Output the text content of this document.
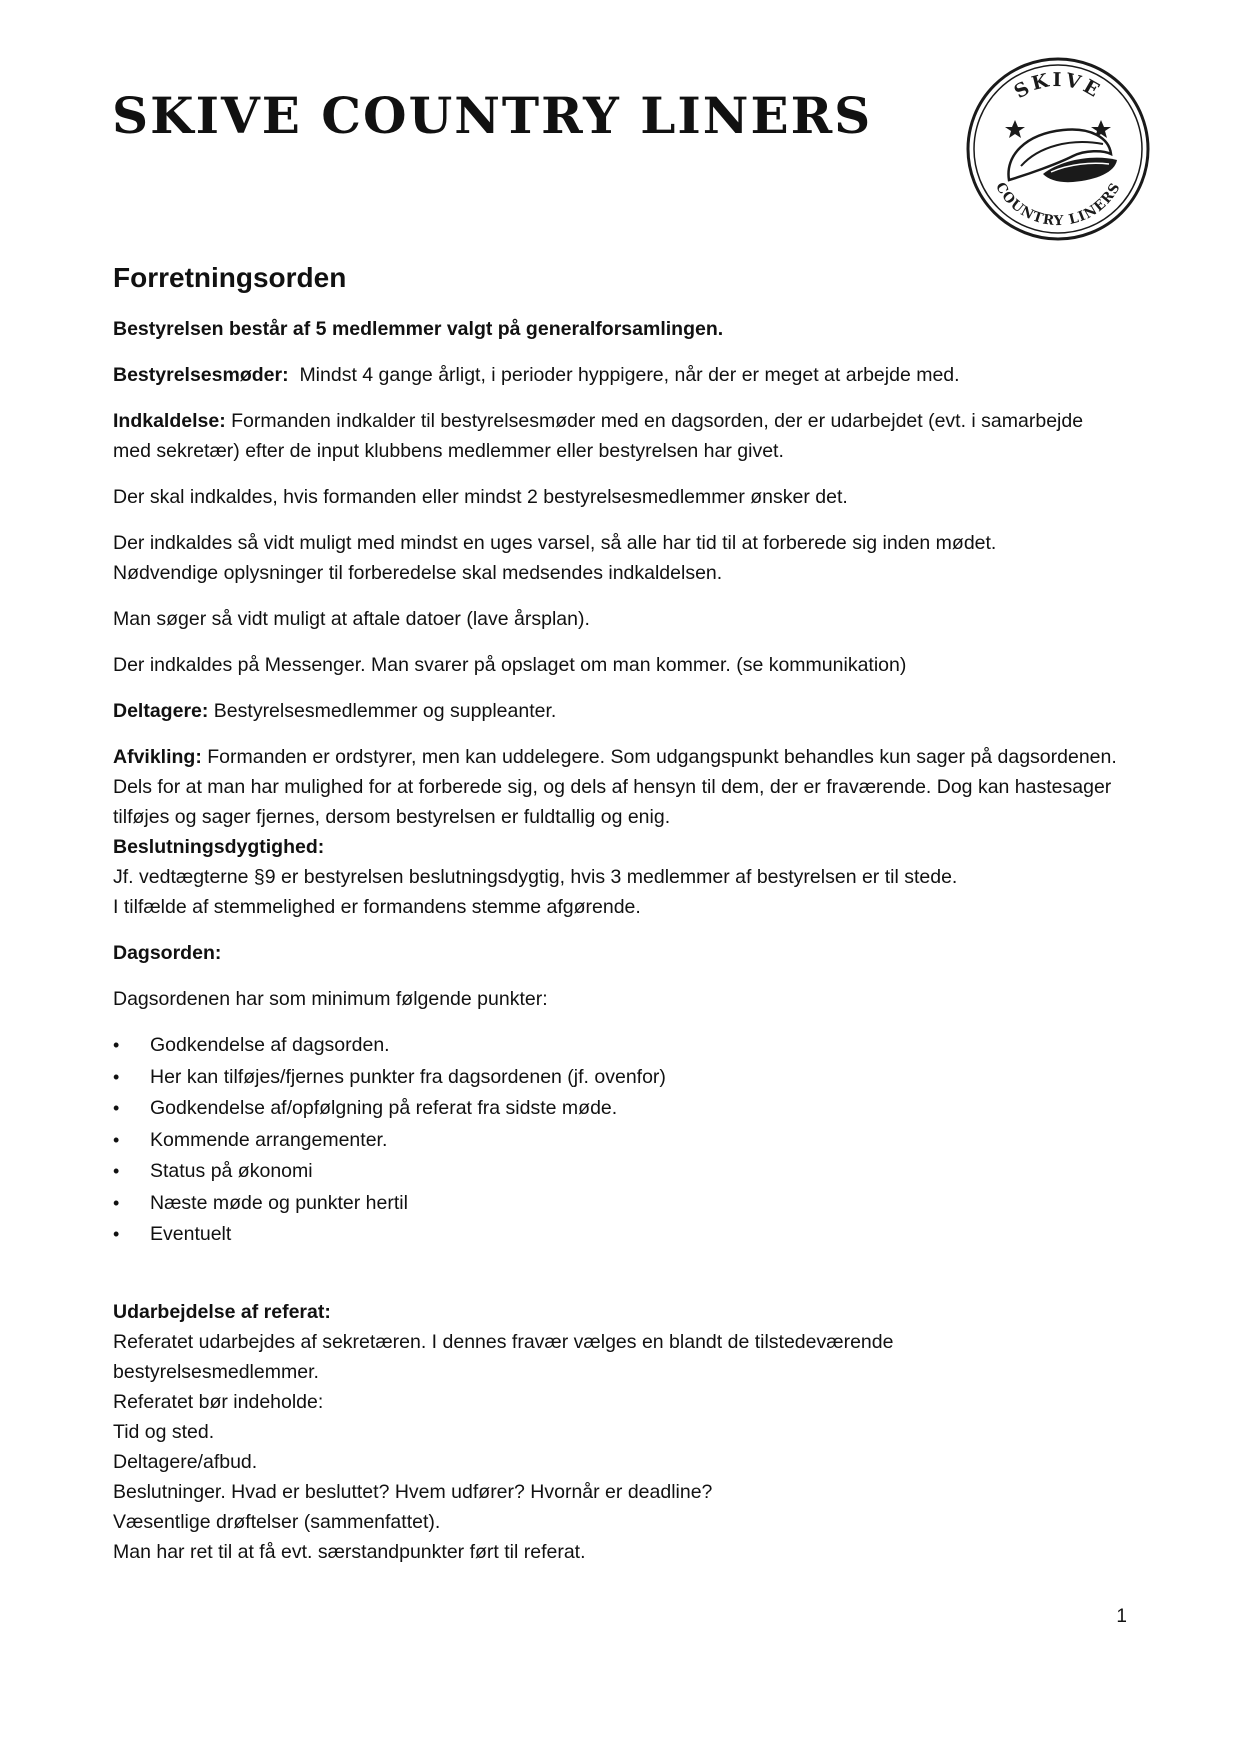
SKIVE COUNTRY LINERS	SKIVE
COUNTRY LINERS
Forretningsorden

Bestyrelsen består af 5 medlemmer valgt på generalforsamlingen.

Bestyrelsesmøder: Mindst 4 gange årligt, i perioder hyppigere, når der er meget at arbejde med.

Indkaldelse: Formanden indkalder til bestyrelsesmøder med en dagsorden, der er udarbejdet (evt. i samarbejde med sekretær) efter de input klubbens medlemmer eller bestyrelsen har givet.

Der skal indkaldes, hvis formanden eller mindst 2 bestyrelsesmedlemmer ønsker det.

Der indkaldes så vidt muligt med mindst en uges varsel, så alle har tid til at forberede sig inden mødet.
Nødvendige oplysninger til forberedelse skal medsendes indkaldelsen.

Man søger så vidt muligt at aftale datoer (lave årsplan).

Der indkaldes på Messenger. Man svarer på opslaget om man kommer. (se kommunikation)

Deltagere: Bestyrelsesmedlemmer og suppleanter.

Afvikling: Formanden er ordstyrer, men kan uddelegere. Som udgangspunkt behandles kun sager på dagsordenen. Dels for at man har mulighed for at forberede sig, og dels af hensyn til dem, der er fraværende. Dog kan hastesager tilføjes og sager fjernes, dersom bestyrelsen er fuldtallig og enig.

Beslutningsdygtighed:
Jf. vedtægterne §9 er bestyrelsen beslutningsdygtig, hvis 3 medlemmer af bestyrelsen er til stede.
I tilfælde af stemmelighed er formandens stemme afgørende.

Dagsorden:

Dagsordenen har som minimum følgende punkter:

• Godkendelse af dagsorden.
• Her kan tilføjes/fjernes punkter fra dagsordenen (jf. ovenfor)
• Godkendelse af/opfølgning på referat fra sidste møde.
• Kommende arrangementer.
• Status på økonomi
• Næste møde og punkter hertil
• Eventuelt
Udarbejdelse af referat:
Referatet udarbejdes af sekretæren. I dennes fravær vælges en blandt de tilstedeværende
bestyrelsesmedlemmer.
Referatet bør indeholde:
Tid og sted.
Deltagere/afbud.
Beslutninger. Hvad er besluttet? Hvem udfører? Hvornår er deadline?
Væsentlige drøftelser (sammenfattet).
Man har ret til at få evt. særstandpunkter ført til referat.
1
